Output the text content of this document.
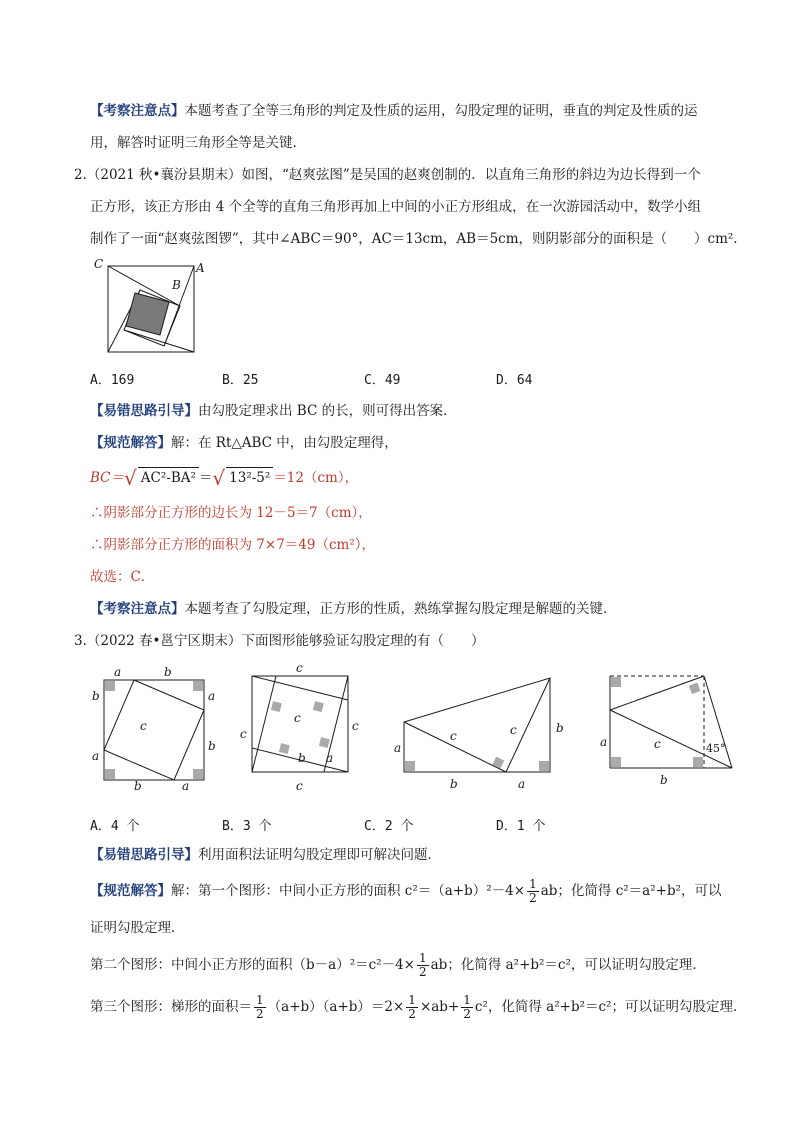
【考察注意点】本题考查了全等三角形的判定及性质的运用，勾股定理的证明，垂直的判定及性质的运
用，解答时证明三角形全等是关键.
2.（2021 秋•襄汾县期末）如图，“赵爽弦图”是吴国的赵爽创制的．以直角三角形的斜边为边长得到一个
正方形，该正方形由 4 个全等的直角三角形再加上中间的小正方形组成，在一次游园活动中，数学小组
制作了一面“赵爽弦图锣”，其中∠ABC＝90°，AC＝13cm，AB＝5cm，则阴影部分的面积是（　　）cm².
C	A
B
A．169	B．25	C．49	D．64
【易错思路引导】由勾股定理求出 BC 的长，则可得出答案．
【规范解答】解：在 Rt△ABC 中，由勾股定理得，
BC＝√ AC²-BA² ＝√ 13²-5² ＝12（cm），
∴阴影部分正方形的边长为 12－5＝7（cm），
∴阴影部分正方形的面积为 7×7＝49（cm²），
故选：C．
【考察注意点】本题考查了勾股定理，正方形的性质，熟练掌握勾股定理是解题的关键．
3.（2022 春•邕宁区期末）下面图形能够验证勾股定理的有（　　）
a	b
b
a
a
b
b	a
c
c
c
c
c
b a
c
a
c	c	b
b	a
a	c
b
45°
A．4 个	B．3 个	C．2 个	D．1 个
【易错思路引导】利用面积法证明勾股定理即可解决问题．
【规范解答】解：第一个图形：中间小正方形的面积 $c^2=(a+b)^2-4\times \frac{1}{2}$ ab；化简得 c²＝a²+b²，可以
证明勾股定理．
第二个图形：中间小正方形的面积$(b-a)^2=c^2-4\times \frac{1}{2}$ ab；化简得 a²+b²＝c²，可以证明勾股定理．
第三个图形：梯形的面积＝ $\frac{1}{2} (a+b)(a+b)=2\times \frac{1}{2} \times ab+ \frac{1}{2} c^2$，化简得 a²+b²＝c²；可以证明勾股定理．
